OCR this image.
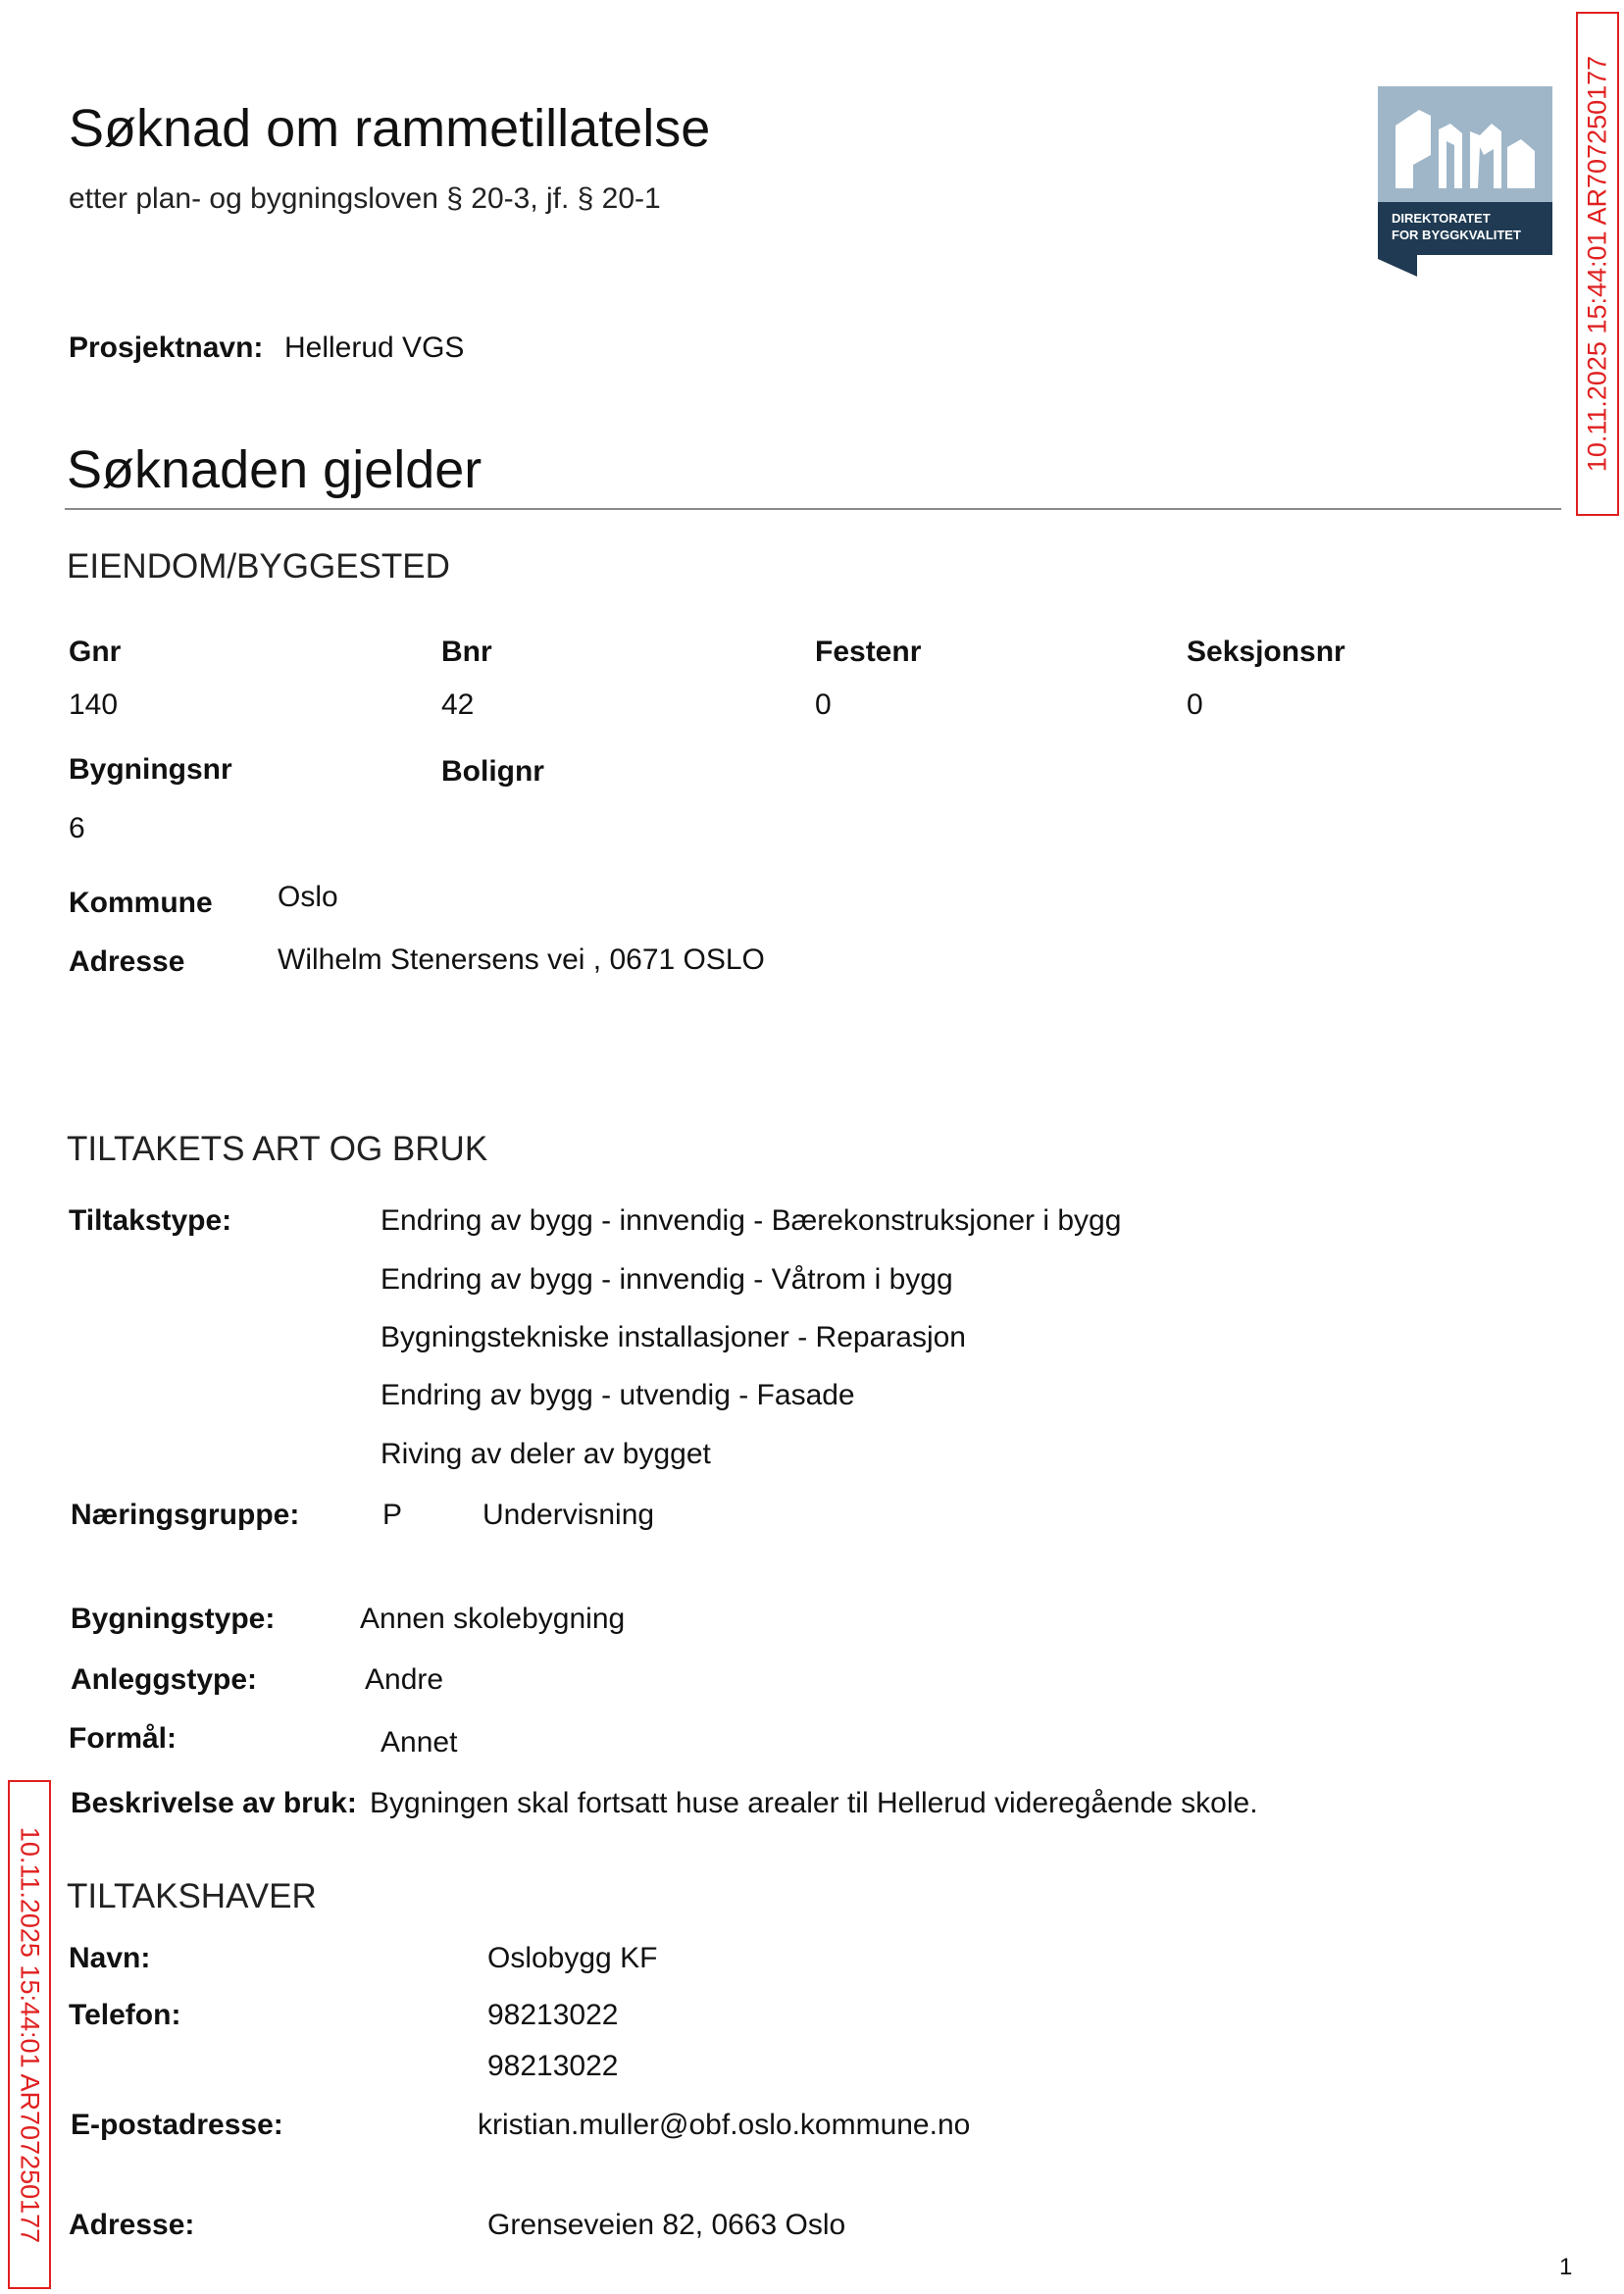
Søknad om rammetillatelse
etter plan- og bygningsloven § 20-3, jf. § 20-1
DIREKTORATET
FOR BYGGKVALITET
Prosjektnavn: Hellerud VGS
Søknaden gjelder
EIENDOM/BYGGESTED
Gnr	Bnr	Festenr	Seksjonsnr
140	42	0	0
Bygningsnr	Bolignr
6
Kommune Oslo
Adresse	Wilhelm Stenersens vei , 0671 OSLO
TILTAKETS ART OG BRUK
Tiltakstype:	Endring av bygg - innvendig - Bærekonstruksjoner i bygg
Endring av bygg - innvendig - Våtrom i bygg
Bygningstekniske installasjoner - Reparasjon
Endring av bygg - utvendig - Fasade
Riving av deler av bygget
Næringsgruppe:	P	Undervisning
Bygningstype:	Annen skolebygning
Anleggstype:	Andre
Formål:	Annet
Beskrivelse av bruk: Bygningen skal fortsatt huse arealer til Hellerud videregående skole.
TILTAKSHAVER
Navn:	Oslobygg KF
Telefon:	98213022
98213022
E-postadresse:	kristian.muller@obf.oslo.kommune.no
Adresse:	Grenseveien 82, 0663 Oslo
10.11.2025 15:44:01 AR707250177
10.11.2025 15:44:01 AR707250177
1
